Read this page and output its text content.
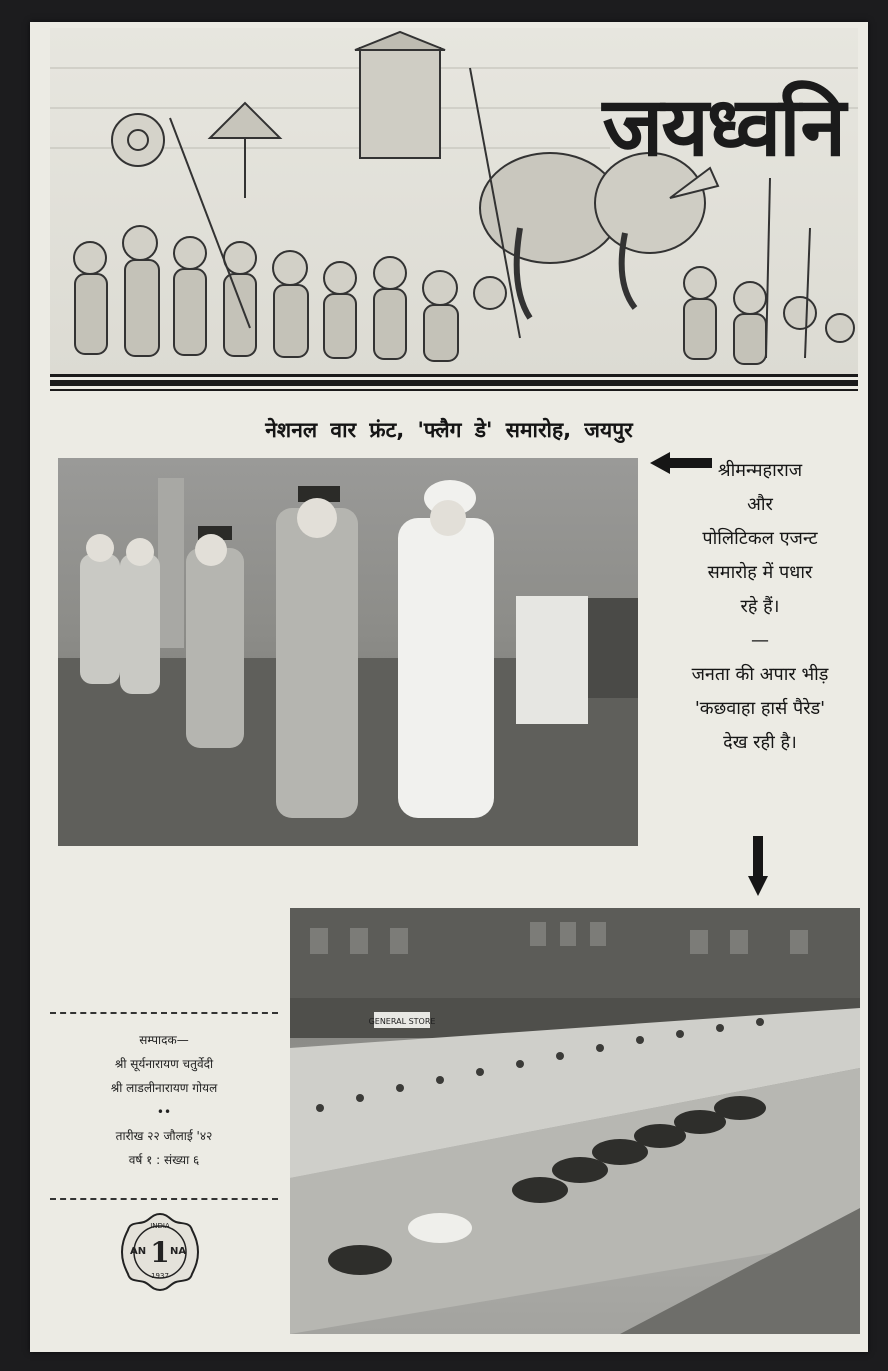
जयध्वनि
नेशनल वार फ्रंट, 'फ्लैग डे' समारोह, जयपुर
श्रीमन्महाराज
और
पोलिटिकल एजन्ट
समारोह में पधार
रहे हैं।
—
जनता की अपार भीड़
'कछवाहा हार्स पैरेड'
देख रही है।
सम्पादक—
श्री सूर्यनारायण चतुर्वेदी
श्री लाडलीनारायण गोयल
••
तारीख २२ जौलाई '४२
वर्ष १ : संख्या ६
INDIA
AN 1 NA
1937
GENERAL STORE
